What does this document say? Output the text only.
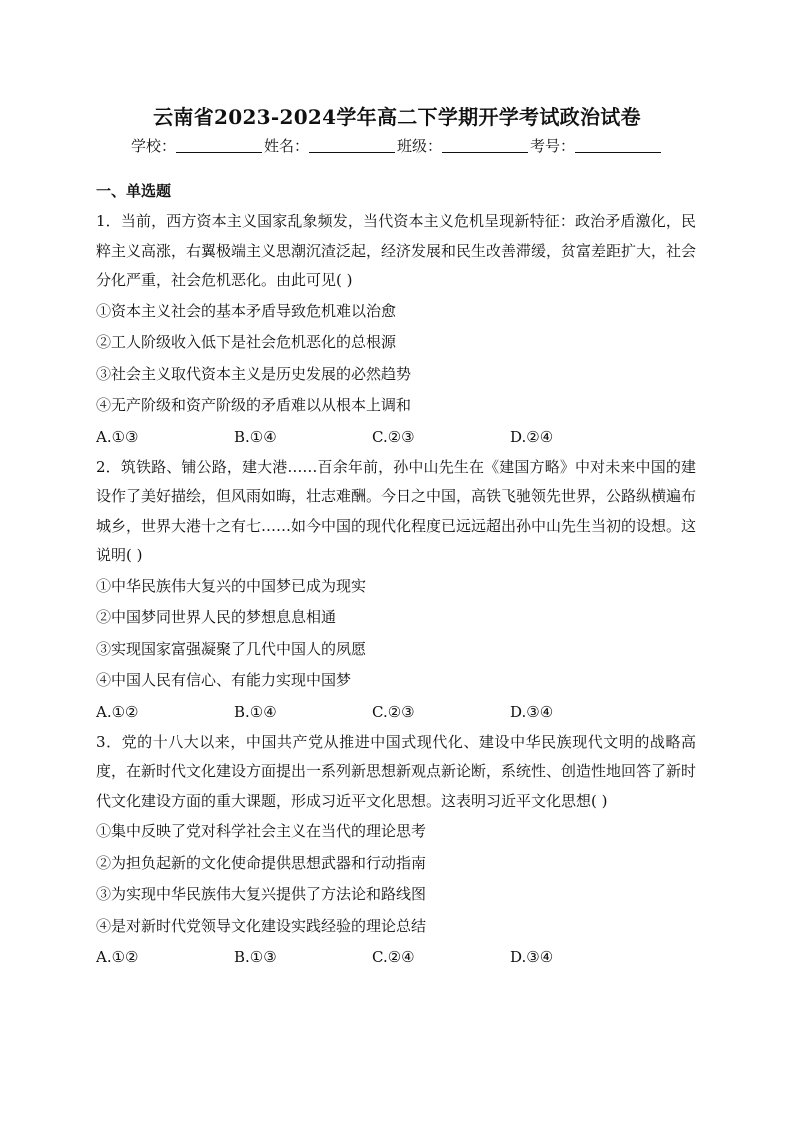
云南省2023-2024学年高二下学期开学考试政治试卷
学校：	姓名：	班级：	考号：
一、单选题

1．当前，西方资本主义国家乱象频发，当代资本主义危机呈现新特征：政治矛盾激化，民粹主义高涨，右翼极端主义思潮沉渣泛起，经济发展和民生改善滞缓，贫富差距扩大，社会分化严重，社会危机恶化。由此可见( )

①资本主义社会的基本矛盾导致危机难以治愈

②工人阶级收入低下是社会危机恶化的总根源

③社会主义取代资本主义是历史发展的必然趋势

④无产阶级和资产阶级的矛盾难以从根本上调和

A.①③	B.①④	C.②③	D.②④

2．筑铁路、铺公路，建大港……百余年前，孙中山先生在《建国方略》中对未来中国的建设作了美好描绘，但风雨如晦，壮志难酬。今日之中国，高铁飞驰领先世界，公路纵横遍布城乡，世界大港十之有七……如今中国的现代化程度已远远超出孙中山先生当初的设想。这说明( )

①中华民族伟大复兴的中国梦已成为现实

②中国梦同世界人民的梦想息息相通

③实现国家富强凝聚了几代中国人的夙愿

④中国人民有信心、有能力实现中国梦

A.①②	B.①④	C.②③	D.③④

3．党的十八大以来，中国共产党从推进中国式现代化、建设中华民族现代文明的战略高度，在新时代文化建设方面提出一系列新思想新观点新论断，系统性、创造性地回答了新时代文化建设方面的重大课题，形成习近平文化思想。这表明习近平文化思想( )

①集中反映了党对科学社会主义在当代的理论思考

②为担负起新的文化使命提供思想武器和行动指南

③为实现中华民族伟大复兴提供了方法论和路线图

④是对新时代党领导文化建设实践经验的理论总结

A.①②	B.①③	C.②④	D.③④
